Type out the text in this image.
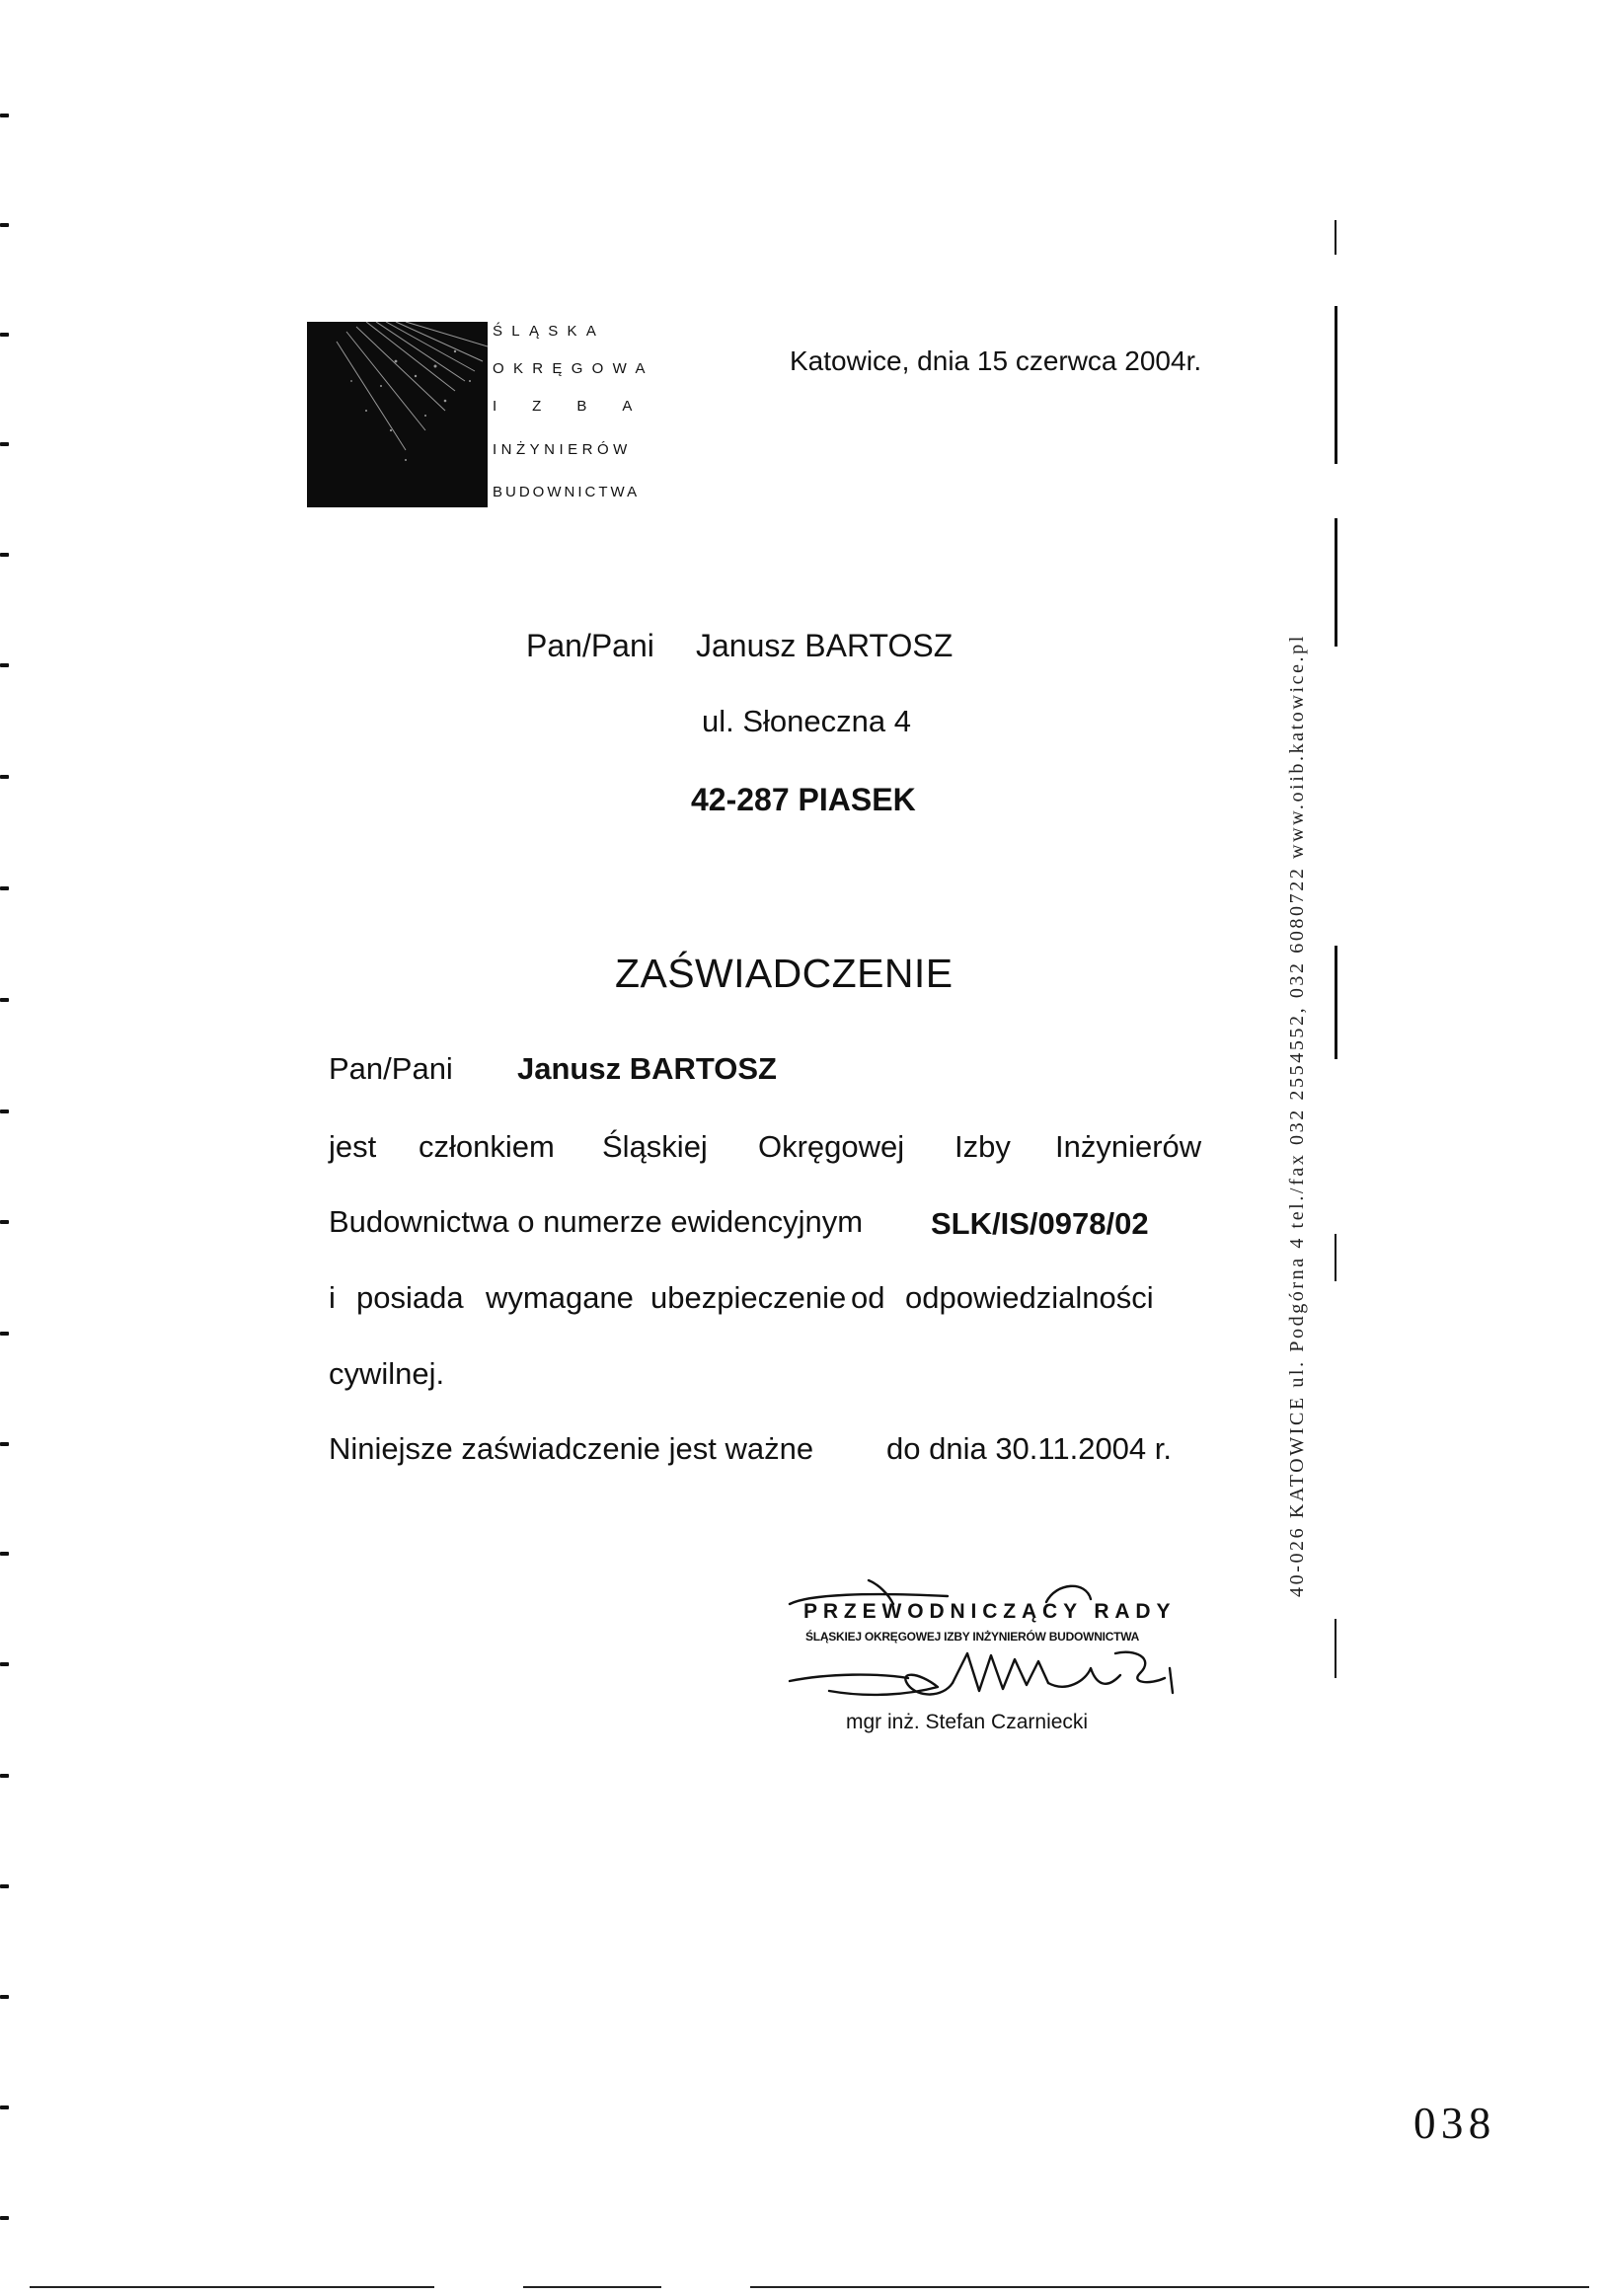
ŚLĄSKA
OKRĘGOWA
IZBA
INŻYNIERÓW
BUDOWNICTWA
Katowice, dnia 15 czerwca 2004r.
Pan/Pani Janusz BARTOSZ
ul. Słoneczna 4
42-287 PIASEK
ZAŚWIADCZENIE
Pan/Pani Janusz BARTOSZ
jest członkiem Śląskiej Okręgowej Izby Inżynierów
Budownictwa o numerze ewidencyjnym SLK/IS/0978/02
i posiada wymagane ubezpieczenie od odpowiedzialności
cywilnej.
Niniejsze zaświadczenie jest ważne do dnia 30.11.2004 r.
PRZEWODNICZĄCY RADY
ŚLĄSKIEJ OKRĘGOWEJ IZBY INŻYNIERÓW BUDOWNICTWA
mgr inż. Stefan Czarniecki
40-026 KATOWICE ul. Podgórna 4 tel./fax 032 2554552, 032 6080722 www.oiib.katowice.pl
038
